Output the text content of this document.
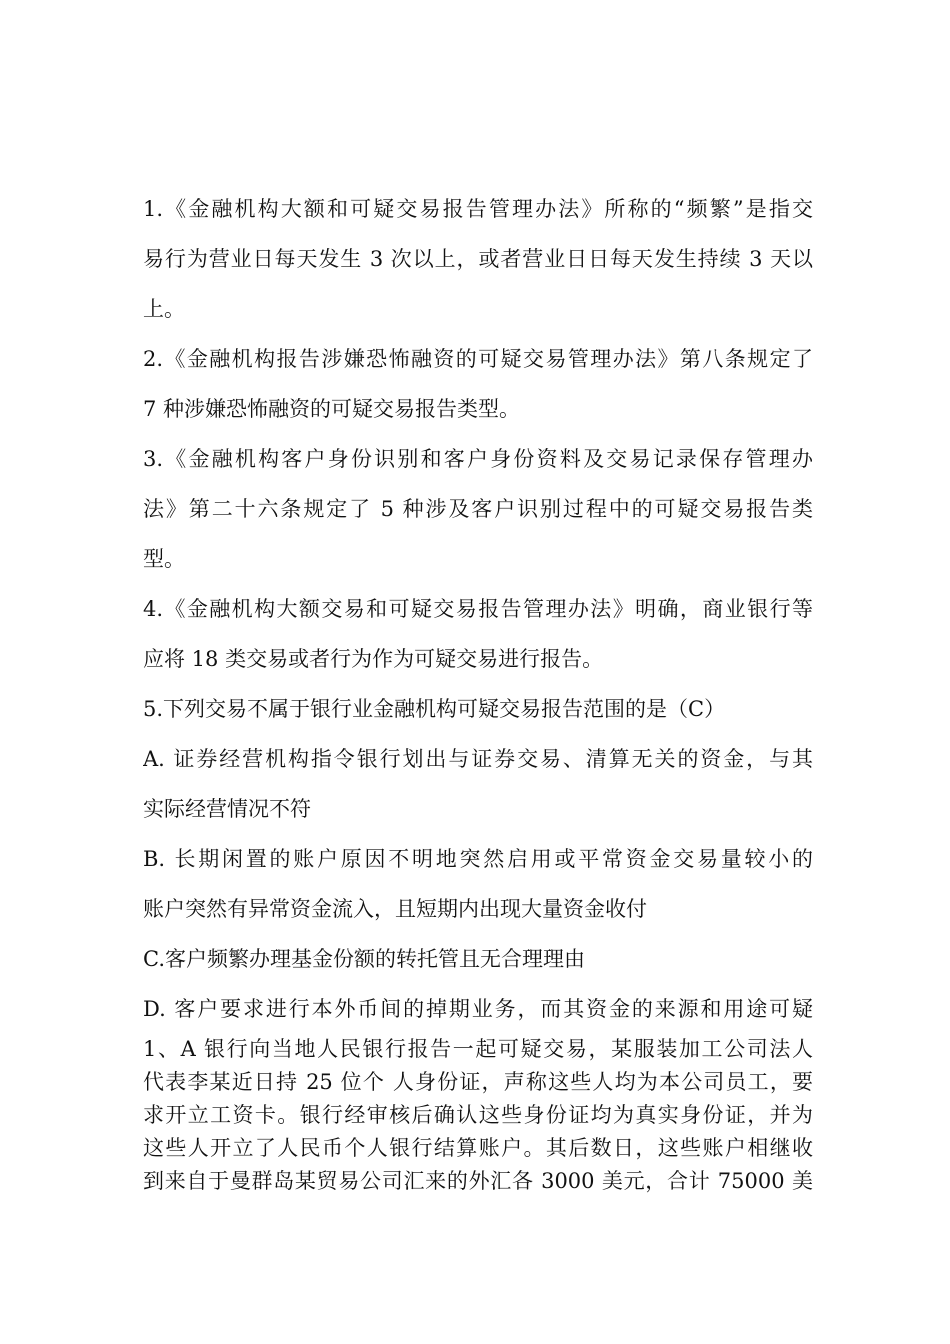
1.《金融机构大额和可疑交易报告管理办法》所称的“频繁”是指交
易行为营业日每天发生 3 次以上，或者营业日日每天发生持续 3 天以
上。
2.《金融机构报告涉嫌恐怖融资的可疑交易管理办法》第八条规定了
7 种涉嫌恐怖融资的可疑交易报告类型。
3.《金融机构客户身份识别和客户身份资料及交易记录保存管理办
法》第二十六条规定了 5 种涉及客户识别过程中的可疑交易报告类
型。
4.《金融机构大额交易和可疑交易报告管理办法》明确，商业银行等
应将 18 类交易或者行为作为可疑交易进行报告。
5.下列交易不属于银行业金融机构可疑交易报告范围的是（C）
A. 证券经营机构指令银行划出与证券交易、清算无关的资金，与其
实际经营情况不符
B. 长期闲置的账户原因不明地突然启用或平常资金交易量较小的
账户突然有异常资金流入，且短期内出现大量资金收付
C.客户频繁办理基金份额的转托管且无合理理由
D. 客户要求进行本外币间的掉期业务，而其资金的来源和用途可疑
1、A 银行向当地人民银行报告一起可疑交易，某服装加工公司法人
代表李某近日持 25 位个 人身份证，声称这些人均为本公司员工，要
求开立工资卡。银行经审核后确认这些身份证均为真实身份证，并为
这些人开立了人民币个人银行结算账户。其后数日，这些账户相继收
到来自于曼群岛某贸易公司汇来的外汇各 3000 美元，合计 75000 美
